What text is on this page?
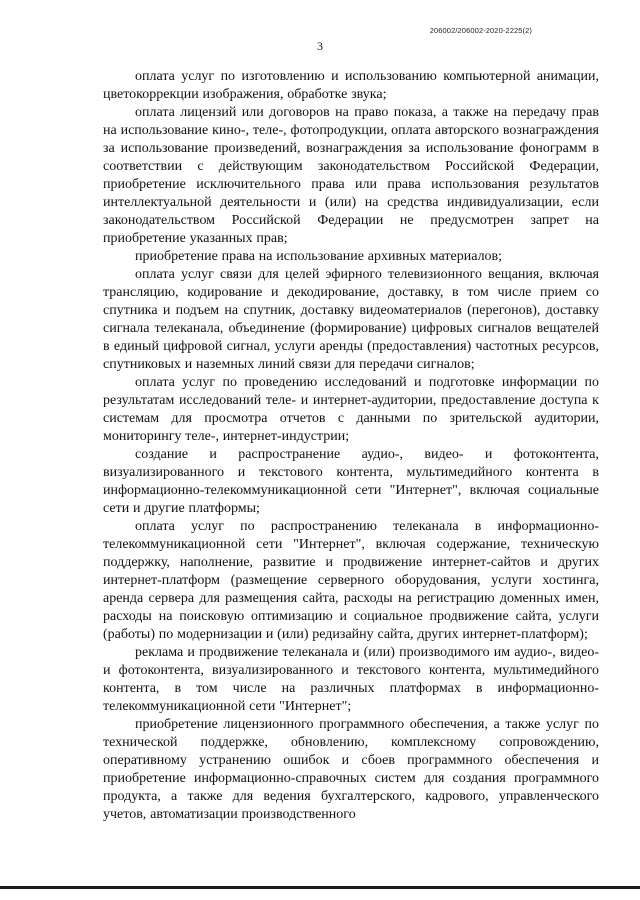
206002/206002-2020-2225(2)
3

оплата услуг по изготовлению и использованию компьютерной анимации, цветокоррекции изображения, обработке звука;

оплата лицензий или договоров на право показа, а также на передачу прав на использование кино-, теле-, фотопродукции, оплата авторского вознаграждения за использование произведений, вознаграждения за использование фонограмм в соответствии с действующим законодательством Российской Федерации, приобретение исключительного права или права использования результатов интеллектуальной деятельности и (или) на средства индивидуализации, если законодательством Российской Федерации не предусмотрен запрет на приобретение указанных прав;

приобретение права на использование архивных материалов;

оплата услуг связи для целей эфирного телевизионного вещания, включая трансляцию, кодирование и декодирование, доставку, в том числе прием со спутника и подъем на спутник, доставку видеоматериалов (перегонов), доставку сигнала телеканала, объединение (формирование) цифровых сигналов вещателей в единый цифровой сигнал, услуги аренды (предоставления) частотных ресурсов, спутниковых и наземных линий связи для передачи сигналов;

оплата услуг по проведению исследований и подготовке информации по результатам исследований теле- и интернет-аудитории, предоставление доступа к системам для просмотра отчетов с данными по зрительской аудитории, мониторингу теле-, интернет-индустрии;

создание и распространение аудио-, видео- и фотоконтента, визуализированного и текстового контента, мультимедийного контента в информационно-телекоммуникационной сети "Интернет", включая социальные сети и другие платформы;

оплата услуг по распространению телеканала в информационно-телекоммуникационной сети "Интернет", включая содержание, техническую поддержку, наполнение, развитие и продвижение интернет-сайтов и других интернет-платформ (размещение серверного оборудования, услуги хостинга, аренда сервера для размещения сайта, расходы на регистрацию доменных имен, расходы на поисковую оптимизацию и социальное продвижение сайта, услуги (работы) по модернизации и (или) редизайну сайта, других интернет-платформ);

реклама и продвижение телеканала и (или) производимого им аудио-, видео- и фотоконтента, визуализированного и текстового контента, мультимедийного контента, в том числе на различных платформах в информационно-телекоммуникационной сети "Интернет";

приобретение лицензионного программного обеспечения, а также услуг по технической поддержке, обновлению, комплексному сопровождению, оперативному устранению ошибок и сбоев программного обеспечения и приобретение информационно-справочных систем для создания программного продукта, а также для ведения бухгалтерского, кадрового, управленческого учетов, автоматизации производственного
